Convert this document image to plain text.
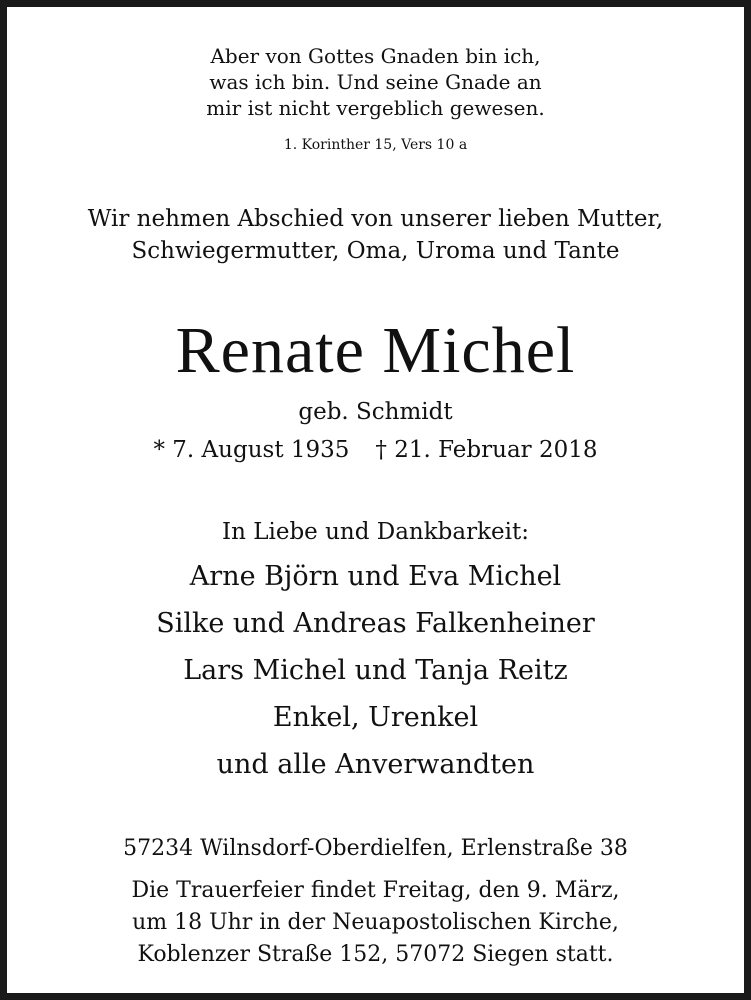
Aber von Gottes Gnaden bin ich,
was ich bin. Und seine Gnade an
mir ist nicht vergeblich gewesen.
1. Korinther 15, Vers 10 a
Wir nehmen Abschied von unserer lieben Mutter,
Schwiegermutter, Oma, Uroma und Tante
Renate Michel
geb. Schmidt
* 7. August 1935 † 21. Februar 2018
In Liebe und Dankbarkeit:
Arne Björn und Eva Michel
Silke und Andreas Falkenheiner
Lars Michel und Tanja Reitz
Enkel, Urenkel
und alle Anverwandten
57234 Wilnsdorf-Oberdielfen, Erlenstraße 38
Die Trauerfeier findet Freitag, den 9. März,
um 18 Uhr in der Neuapostolischen Kirche,
Koblenzer Straße 152, 57072 Siegen statt.
